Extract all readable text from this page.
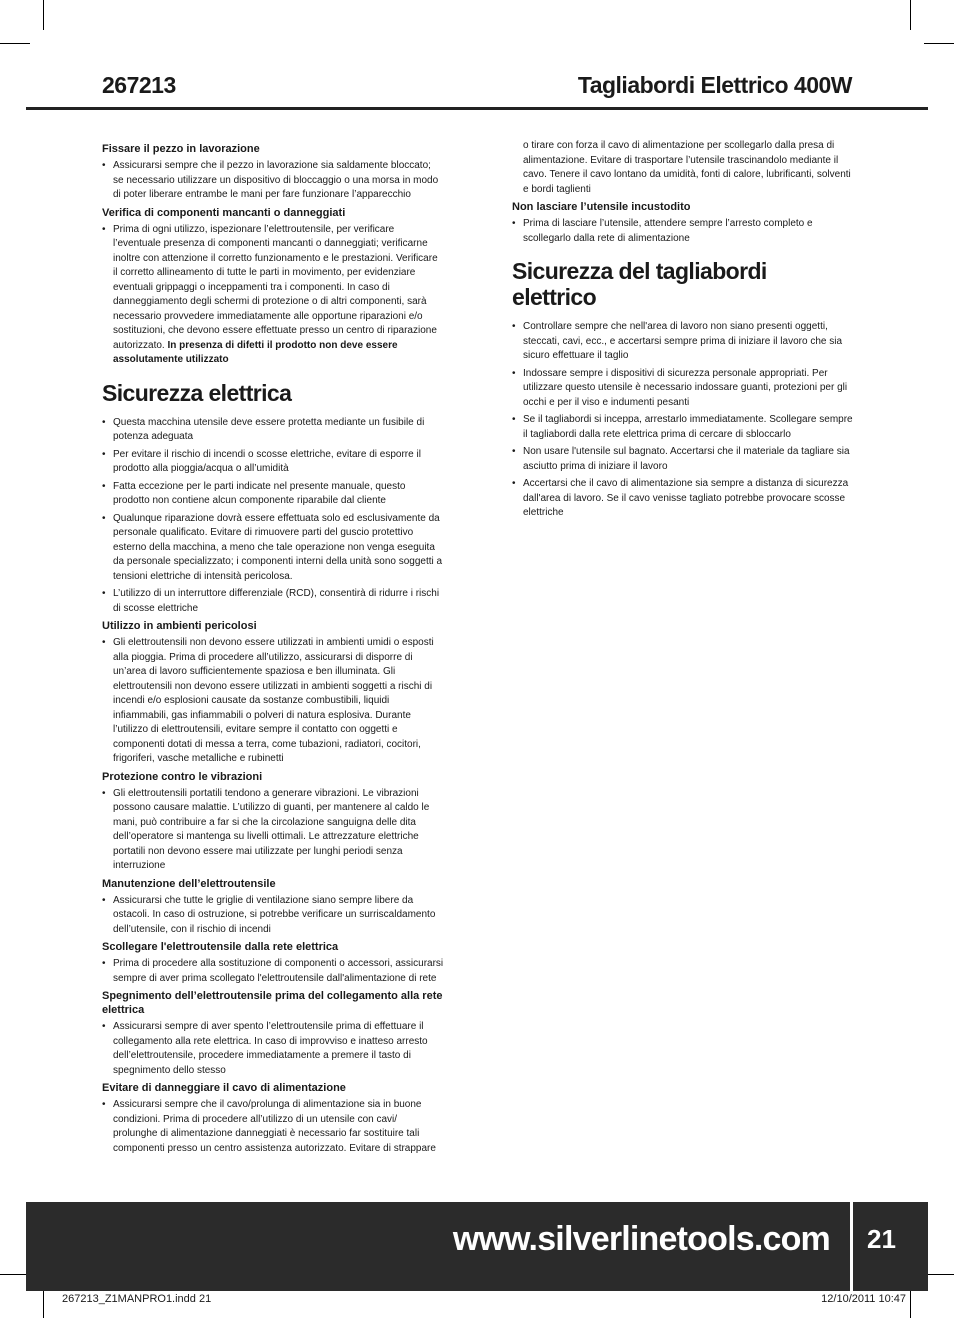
267213	Tagliabordi Elettrico 400W
Fissare il pezzo in lavorazione
• Assicurarsi sempre che il pezzo in lavorazione sia saldamente bloccato; se necessario utilizzare un dispositivo di bloccaggio o una morsa in modo di poter liberare entrambe le mani per fare funzionare l’apparecchio
Verifica di componenti mancanti o danneggiati
• Prima di ogni utilizzo, ispezionare l’elettroutensile, per verificare l’eventuale presenza di componenti mancanti o danneggiati; verificarne inoltre con attenzione il corretto funzionamento e le prestazioni. Verificare il corretto allineamento di tutte le parti in movimento, per evidenziare eventuali grippaggi o inceppamenti tra i componenti. In caso di danneggiamento degli schermi di protezione o di altri componenti, sarà necessario provvedere immediatamente alle opportune riparazioni e/o sostituzioni, che devono essere effettuate presso un centro di riparazione autorizzato. In presenza di difetti il prodotto non deve essere assolutamente utilizzato
Sicurezza elettrica
• Questa macchina utensile deve essere protetta mediante un fusibile di potenza adeguata
• Per evitare il rischio di incendi o scosse elettriche, evitare di esporre il prodotto alla pioggia/acqua o all’umidità
• Fatta eccezione per le parti indicate nel presente manuale, questo prodotto non contiene alcun componente riparabile dal cliente
• Qualunque riparazione dovrà essere effettuata solo ed esclusivamente da personale qualificato. Evitare di rimuovere parti del guscio protettivo esterno della macchina, a meno che tale operazione non venga eseguita da personale specializzato; i componenti interni della unità sono soggetti a tensioni elettriche di intensità pericolosa.
• L’utilizzo di un interruttore differenziale (RCD), consentirà di ridurre i rischi di scosse elettriche
Utilizzo in ambienti pericolosi
• Gli elettroutensili non devono essere utilizzati in ambienti umidi o esposti alla pioggia. Prima di procedere all’utilizzo, assicurarsi di disporre di un’area di lavoro sufficientemente spaziosa e ben illuminata. Gli elettroutensili non devono essere utilizzati in ambienti soggetti a rischi di incendi e/o esplosioni causate da sostanze combustibili, liquidi infiammabili, gas infiammabili o polveri di natura esplosiva. Durante l’utilizzo di elettroutensili, evitare sempre il contatto con oggetti e componenti dotati di messa a terra, come tubazioni, radiatori, cocitori, frigoriferi, vasche metalliche e rubinetti
Protezione contro le vibrazioni
• Gli elettroutensili portatili tendono a generare vibrazioni. Le vibrazioni possono causare malattie. L’utilizzo di guanti, per mantenere al caldo le mani, può contribuire a far si che la circolazione sanguigna delle dita dell’operatore si mantenga su livelli ottimali. Le attrezzature elettriche portatili non devono essere mai utilizzate per lunghi periodi senza interruzione
Manutenzione dell’elettroutensile
• Assicurarsi che tutte le griglie di ventilazione siano sempre libere da ostacoli. In caso di ostruzione, si potrebbe verificare un surriscaldamento dell’utensile, con il rischio di incendi
Scollegare l'elettroutensile dalla rete elettrica
• Prima di procedere alla sostituzione di componenti o accessori, assicurarsi sempre di aver prima scollegato l'elettroutensile dall'alimentazione di rete
Spegnimento dell’elettroutensile prima del collegamento alla rete elettrica
• Assicurarsi sempre di aver spento l’elettroutensile prima di effettuare il collegamento alla rete elettrica. In caso di improvviso e inatteso arresto dell’elettroutensile, procedere immediatamente a premere il tasto di spegnimento dello stesso
Evitare di danneggiare il cavo di alimentazione
• Assicurarsi sempre che il cavo/prolunga di alimentazione sia in buone condizioni. Prima di procedere all’utilizzo di un utensile con cavi/ prolunghe di alimentazione danneggiati è necessario far sostituire tali componenti presso un centro assistenza autorizzato. Evitare di strappare
o tirare con forza il cavo di alimentazione per scollegarlo dalla presa di alimentazione. Evitare di trasportare l’utensile trascinandolo mediante il cavo. Tenere il cavo lontano da umidità, fonti di calore, lubrificanti, solventi e bordi taglienti
Non lasciare l’utensile incustodito
• Prima di lasciare l’utensile, attendere sempre l’arresto completo e scollegarlo dalla rete di alimentazione
Sicurezza del tagliabordi elettrico
• Controllare sempre che nell'area di lavoro non siano presenti oggetti, steccati, cavi, ecc., e accertarsi sempre prima di iniziare il lavoro che sia sicuro effettuare il taglio
• Indossare sempre i dispositivi di sicurezza personale appropriati. Per utilizzare questo utensile è necessario indossare guanti, protezioni per gli occhi e per il viso e indumenti pesanti
• Se il tagliabordi si inceppa, arrestarlo immediatamente. Scollegare sempre il tagliabordi dalla rete elettrica prima di cercare di sbloccarlo
• Non usare l'utensile sul bagnato. Accertarsi che il materiale da tagliare sia asciutto prima di iniziare il lavoro
• Accertarsi che il cavo di alimentazione sia sempre a distanza di sicurezza dall'area di lavoro. Se il cavo venisse tagliato potrebbe provocare scosse elettriche
www.silverlinetools.com 21
267213_Z1MANPRO1.indd 21	12/10/2011 10:47
